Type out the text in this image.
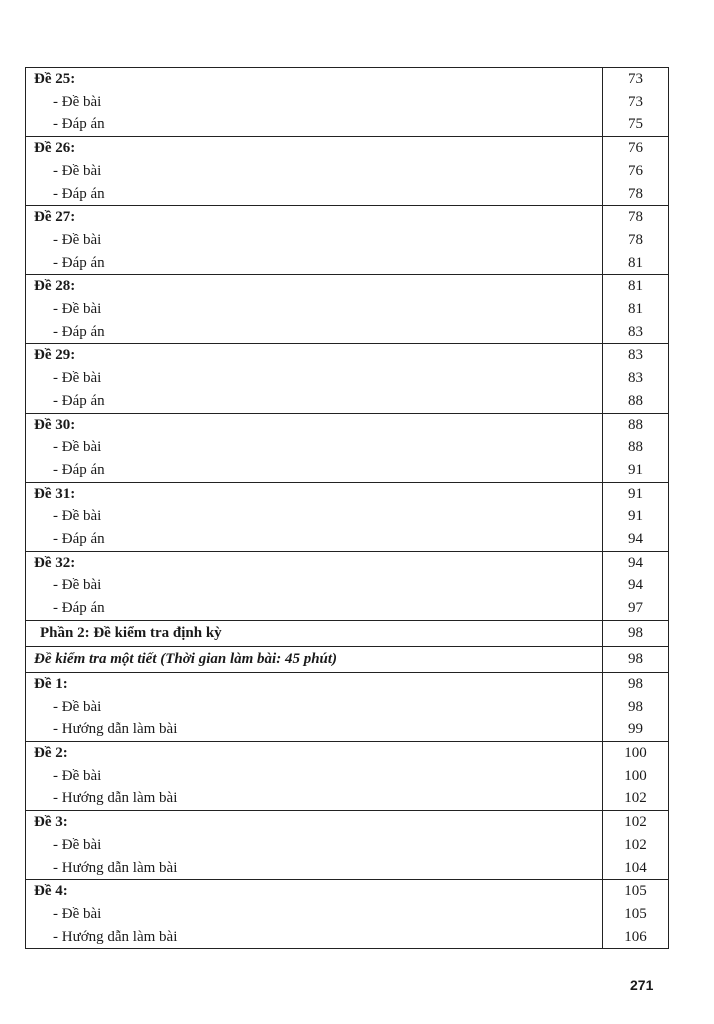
Đề 25:	73
- Đề bài	73
- Đáp án	75
Đề 26:	76
- Đề bài	76
- Đáp án	78
Đề 27:	78
- Đề bài	78
- Đáp án	81
Đề 28:	81
- Đề bài	81
- Đáp án	83
Đề 29:	83
- Đề bài	83
- Đáp án	88
Đề 30:	88
- Đề bài	88
- Đáp án	91
Đề 31:	91
- Đề bài	91
- Đáp án	94
Đề 32:	94
- Đề bài	94
- Đáp án	97
Phần 2: Đề kiểm tra định kỳ	98
Đề kiểm tra một tiết (Thời gian làm bài: 45 phút)	98
Đề 1:	98
- Đề bài	98
- Hướng dẫn làm bài	99
Đề 2:	100
- Đề bài	100
- Hướng dẫn làm bài	102
Đề 3:	102
- Đề bài	102
- Hướng dẫn làm bài	104
Đề 4:	105
- Đề bài	105
- Hướng dẫn làm bài	106
271
